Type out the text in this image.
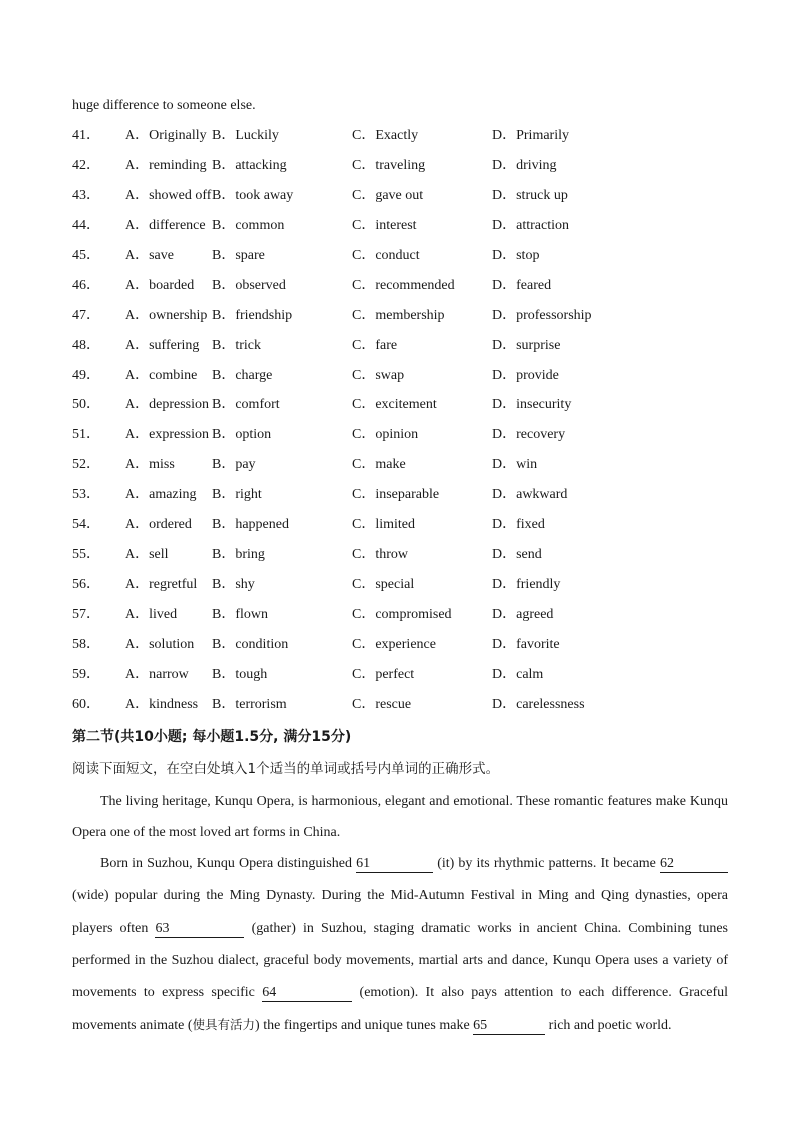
huge difference to someone else.
41． A．Originally B．Luckily	C．Exactly	D．Primarily
42． A．reminding B．attacking	C．traveling	D．driving
43． A．showed off B．took away	C．gave out	D．struck up
44． A．difference B．common	C．interest	D．attraction
45． A．save	B．spare	C．conduct	D．stop
46． A．boarded B．observed	C．recommended	D．feared
47． A．ownership B．friendship	C．membership	D．professorship
48． A．suffering B．trick	C．fare	D．surprise
49． A．combine B．charge	C．swap	D．provide
50． A．depression B．comfort	C．excitement	D．insecurity
51． A．expression B．option	C．opinion	D．recovery
52． A．miss	B．pay	C．make	D．win
53． A．amazing B．right	C．inseparable	D．awkward
54． A．ordered B．happened	C．limited	D．fixed
55． A．sell	B．bring	C．throw	D．send
56． A．regretful B．shy	C．special	D．friendly
57． A．lived B．flown	C．compromised	D．agreed
58． A．solution B．condition	C．experience	D．favorite
59． A．narrow B．tough	C．perfect	D．calm
60． A．kindness B．terrorism	C．rescue	D．carelessness
第二节(共10小题; 每小题1.5分, 满分15分)
阅读下面短文，在空白处填入1个适当的单词或括号内单词的正确形式。

The living heritage, Kunqu Opera, is harmonious, elegant and emotional. These romantic features make Kunqu Opera one of the most loved art forms in China.

Born in Suzhou, Kunqu Opera distinguished 61	(it) by its rhythmic patterns. It became 62 (wide) popular during the Ming Dynasty. During the Mid-Autumn Festival in Ming and Qing dynasties, opera players often 63	(gather) in Suzhou, staging dramatic works in ancient China. Combining tunes performed in the Suzhou dialect, graceful body movements, martial arts and dance, Kunqu Opera uses a variety of movements to express specific 64	(emotion). It also pays attention to each difference. Graceful movements animate (使具有活力) the fingertips and unique tunes make 65	rich and poetic world.
